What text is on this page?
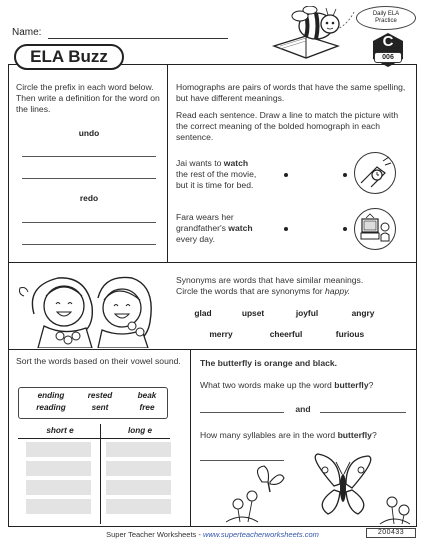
Name:
Daily ELA
Practice
C
006
ELA Buzz
Circle the prefix in each word below. Then write a definition for the word on the lines.
undo
redo
Homographs are pairs of words that have the same spelling, but have different meanings.
Read each sentence. Draw a line to match the picture with the correct meaning of the bolded homograph in each sentence.
Jai wants to watch
the rest of the movie,
but it is time for bed.
Fara wears her
grandfather's watch
every day.
Synonyms are words that have similar meanings.
Circle the words that are synonyms for happy.
glad	upset	joyful	angry
merry	cheerful	furious
Sort the words based on their vowel sound.
ending	rested	beak
reading	sent	free
short e	long e
The butterfly is orange and black.
What two words make up the word butterfly?
and
How many syllables are in the word butterfly?
Super Teacher Worksheets - www.superteacherworksheets.com	200433
